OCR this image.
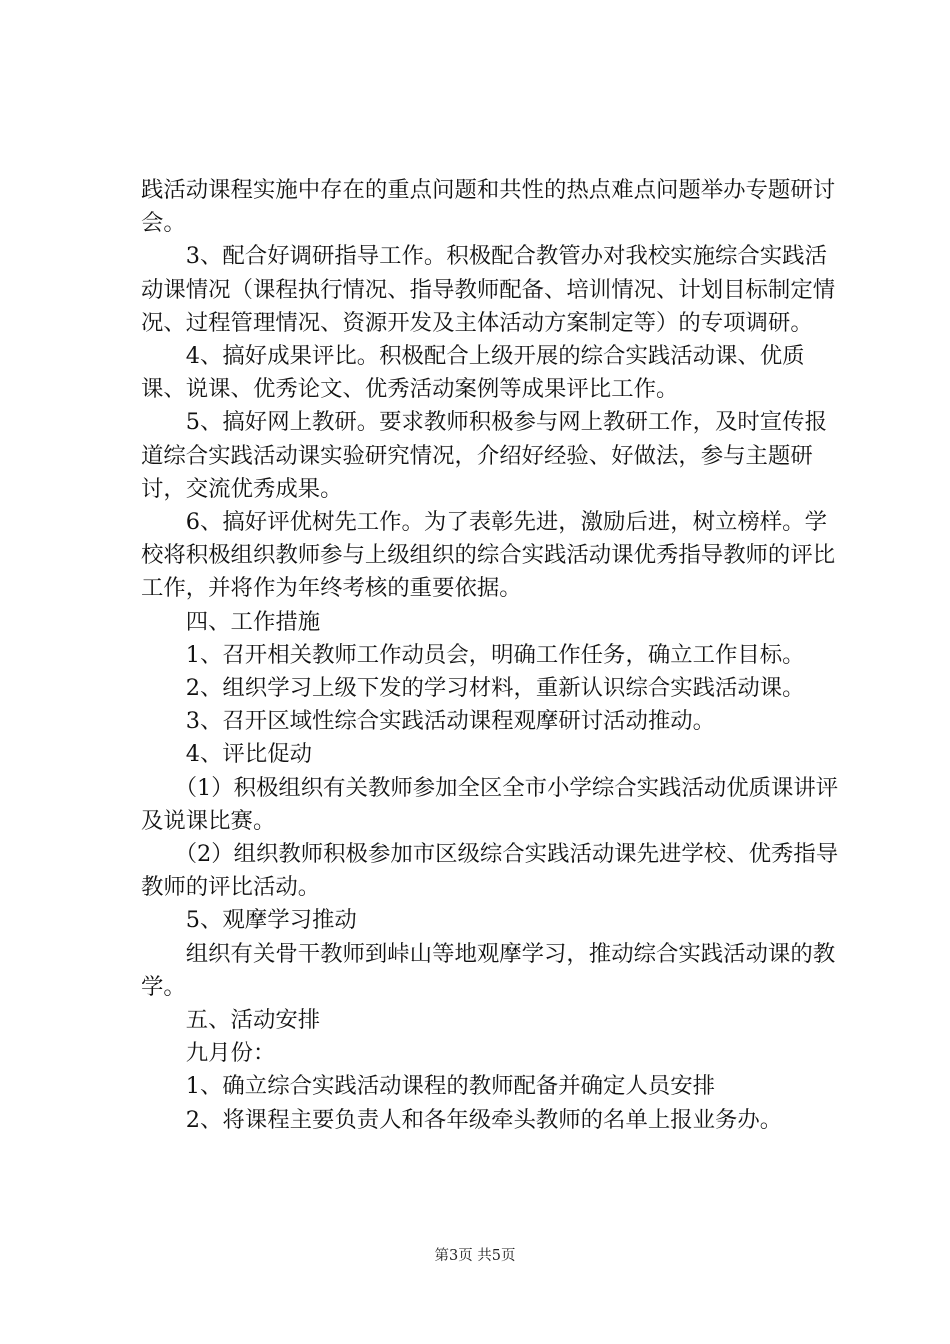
践活动课程实施中存在的重点问题和共性的热点难点问题举办专题研讨会。

　　3、配合好调研指导工作。积极配合教管办对我校实施综合实践活动课情况（课程执行情况、指导教师配备、培训情况、计划目标制定情况、过程管理情况、资源开发及主体活动方案制定等）的专项调研。

　　4、搞好成果评比。积极配合上级开展的综合实践活动课、优质课、说课、优秀论文、优秀活动案例等成果评比工作。

　　5、搞好网上教研。要求教师积极参与网上教研工作，及时宣传报道综合实践活动课实验研究情况，介绍好经验、好做法，参与主题研讨，交流优秀成果。

　　6、搞好评优树先工作。为了表彰先进，激励后进，树立榜样。学校将积极组织教师参与上级组织的综合实践活动课优秀指导教师的评比工作，并将作为年终考核的重要依据。

　　四、工作措施

　　1、召开相关教师工作动员会，明确工作任务，确立工作目标。

　　2、组织学习上级下发的学习材料，重新认识综合实践活动课。

　　3、召开区域性综合实践活动课程观摩研讨活动推动。

　　4、评比促动

　　（1）积极组织有关教师参加全区全市小学综合实践活动优质课讲评及说课比赛。

　　（2）组织教师积极参加市区级综合实践活动课先进学校、优秀指导教师的评比活动。

　　5、观摩学习推动

　　组织有关骨干教师到峠山等地观摩学习，推动综合实践活动课的教学。

　　五、活动安排

　　九月份：

　　1、确立综合实践活动课程的教师配备并确定人员安排

　　2、将课程主要负责人和各年级牵头教师的名单上报业务办。

第3页 共5页
